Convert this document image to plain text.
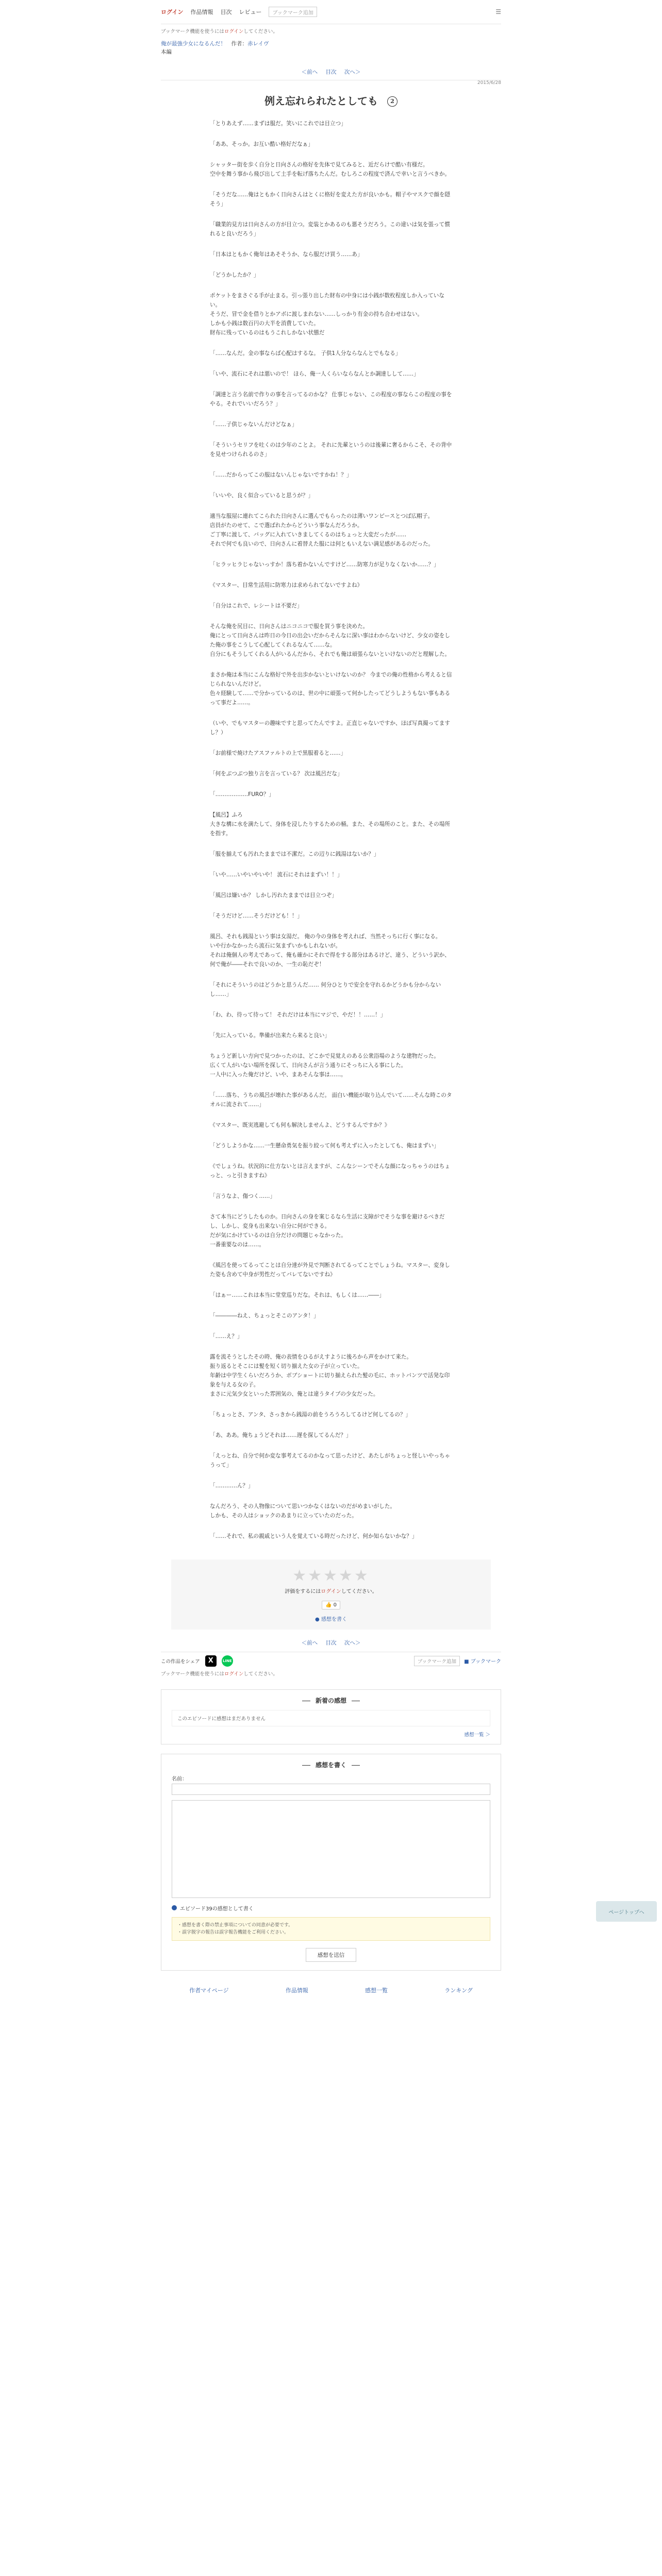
ログイン 作品情報 目次 レビュー	ブックマーク追加	☰
ブックマーク機能を使うにはログインしてください。
俺が最強少女になるんだ！　 作者：赤レイヴ
本編
＜前へ 目次 次へ＞
2015/6/28
例え忘れられたとしても 2

「とりあえず……まずは服だ。笑いにこれでは目立つ」

「ああ、そっか。お互い酷い格好だなぁ」

シャッター街を歩く自分と日向さんの格好を先体で見てみると、近だらけで酷い有様だ。
空中を舞う事から飛び出して土手を転げ落ちたんだ。むしろこの程度で済んで幸いと言うべきか。

「そうだな……俺はともかく日向さんはとくに格好を変えた方が良いかも。帽子やマスクで顔を隠そう」

「職業的見方は日向さんの方が目立つ。変装とかあるのも悪そうだろう。この違いは気を張って慣れると良いだろう」

「日本はともかく俺年はあそそうか、なら服だけ買う……あ」

「どうかしたか？」

ポケットをまさぐる手が止まる。引っ張り出した財布の中身には小銭が数枚程度しか入っていない。
そうだ、冒で金を借りとかアボに渡しまれない……しっかり有金の持ち合わせはない。
しかも小銭は数百円の大半を消費していた。
財布に残っているのはもうこれしかない状態だ

「……なんだ。金の事ならば心配はするな。 子供1人分ならなんとでもなる」

「いや、流石にそれは悪いので！ ほら、俺一人くらいならなんとか調達しして……」

「調達と言う名前で作りの事を言ってるのかな？ 仕事じゃない、この程度の事ならこの程度の事をやる。それでいいだろう？」

「……子供じゃないんだけどなぁ」

「そういうセリフを吐くのは少年のことよ。 それに先輩というのは後輩に奢るからこそ、その背中を見せつけられるのさ」

「……だからってこの服はないんじゃないですかね！？」

「いいや、良く似合っていると思うが？」

適当な服屋に連れてこられた日向さんに選んでもらったのは薄いワンピースとつば広帽子。
店員がたのせて、こで選ばれたからどういう事なんだろうか。
ご丁寧に渡して、バッグに入れていきましてくるのはちょっと大変だったが……
それで何でも良いので、日向さんに着替えた服には何ともいえない満足感があるのだった。

「ヒラッヒラじゃないっすか！落ち着かないんですけど……防寒力が足りなくないか……？」

《マスター、目常生活用に防寒力は求められてないですよね》

「自分はこれで、レシートは不要だ」

そんな俺を尻目に、日向さんはニコニコで服を買う事を決めた。
俺にとって日向さんは昨日の今日の出会いだからそんなに深い事はわからないけど、少女の姿をした俺の事をこうして心配してくれるなんて……な。
自分にもそうしてくれる人がいるんだから、それでも俺は頑張らないといけないのだと理解した。

まさか俺は本当にこんな格好で外を出歩かないといけないのか？ 今までの俺の性格から考えると信じられないんだけど。
色々経験して……で分かっているのは、世の中に頑張って何かしたってどうしようもない事もあるって事だよ……。

（いや、でもマスターの趣味ですと思ってたんですよ。正直じゃないですか、ほぼ写真撮ってますし？）

「お前様で焼けたアスファルトの上で黒服着ると……」

「何をぶつぶつ独り言を言っている？ 次は風呂だな」

「………………FURO？」

【風呂】ふろ
大きな構に水を満たして、身体を浸したりするための桶。また、その場所のこと。また、その場所を指す。

「服を揃えても汚れたままでは不潔だ。この辺りに銭湯はないか？」

「いや……いやいやいや！ 流石にそれはまずい！！」

「風呂は嫌いか？ しかし汚れたままでは目立つぞ」

「そうだけど……そうだけども！！」

風呂、それも銭湯という事は女湯だ。 俺の今の身体を考えれば、当然そっちに行く事になる。
いや行かなかったら流石に気まずいかもしれないが。
それは俺個人の考えであって、俺も確かにそれで得をする部分はあるけど、違う、どういう訳か、何で俺が――それで良いのか、一生の恥だぞ！

「それにそういうのはどうかと思うんだ…… 何分ひとりで安全を守れるかどうかも分からないし……」

「わ、わ、待って待って！ それだけは本当にマジで、やだ！！……！」

「先に入っている。準備が出来たら来ると良い」

ちょうど新しい方向で見つかったのは、どこかで見覚えのある公衆浴場のような建物だった。
広くて人がいない場所を探して、日向さんが言う通りにそっちに入る事にした。
一人中に入った俺だけど、いや、まあそんな事は……。

「……落ち、うちの風呂が壊れた事があるんだ。 面白い機能が取り込んでいて……そんな時このタオルに流されて……」

《マスター、既実逃避しても何も解決しませんよ、どうするんですか？》

「どうしようかな……一生懸命勇気を振り絞って何も考えずに入ったとしても、俺はまずい」

《でしょうね。状況的に仕方ないとは言えますが、こんなシーンでそんな顔になっちゃうのはちょっと、っと引きますね》

「言うなよ、傷つく……」

さて本当にどうしたものか。日向さんの身を案じるなら生活に支障がでそうな事を避けるべきだし、しかし、変身も出来ない自分に何ができる。
だが気にかけているのは自分だけの問題じゃなかった。
一番重要なのは……。

《風呂を使ってるってことは自分達が外見で判断されてるってことでしょうね。マスター、変身した姿も含めて中身が男性だってバレてないですね》

「はぁー……これは本当に堂堂巡りだな。それは、もしくは……――」

「――――ねえ、ちょっとそこのアンタ！」

「……え？」

露を流そうとしたその時、俺の表情をひるがえすように後ろから声をかけて来た。
振り返るとそこには髪を短く切り揃えた女の子が立っていた。
年齢は中学生くらいだろうか、ボブショートに切り揃えられた髪の毛に、ホットパンツで活発な印象を与える女の子。
まさに元気少女といった雰囲気の、俺とは違うタイプの少女だった。

「ちょっとさ、アンタ、さっきから銭湯の前をうろうろしてるけど何してるの？」

「あ、ああ。俺ちょうどそれは……遅を探してるんだ？」

「えっとね、自分で何か変な事考えてるのかなって思ったけど、あたしがちょっと怪しいやっちゃうって」

「…………ん？」

なんだろう、その人物像について思いつかなくはないのだがめまいがした。
しかも、その人はショックのあまりに立っていたのだった。

「……それで、私の親戚という人を覚えている時だったけど、何か知らないかな？」

★★★★★
評価をするにはログインしてください。
👍 0
● 感想を書く
＜前へ 目次 次へ＞
この作品をシェア	X	LINE	ブックマーク追加	■ ブックマーク
ブックマーク機能を使うにはログインしてください。
新着の感想
このエピソードに感想はまだありません
感想一覧 ＞
感想を書く
名前：
エピソード39の感想として書く
・感想を書く際の禁止事項についての同意が必要です。
・誤字脱字の報告は誤字報告機能をご利用ください。
感想を送信
作者マイページ	作品情報	感想一覧	ランキング
ページトップへ
